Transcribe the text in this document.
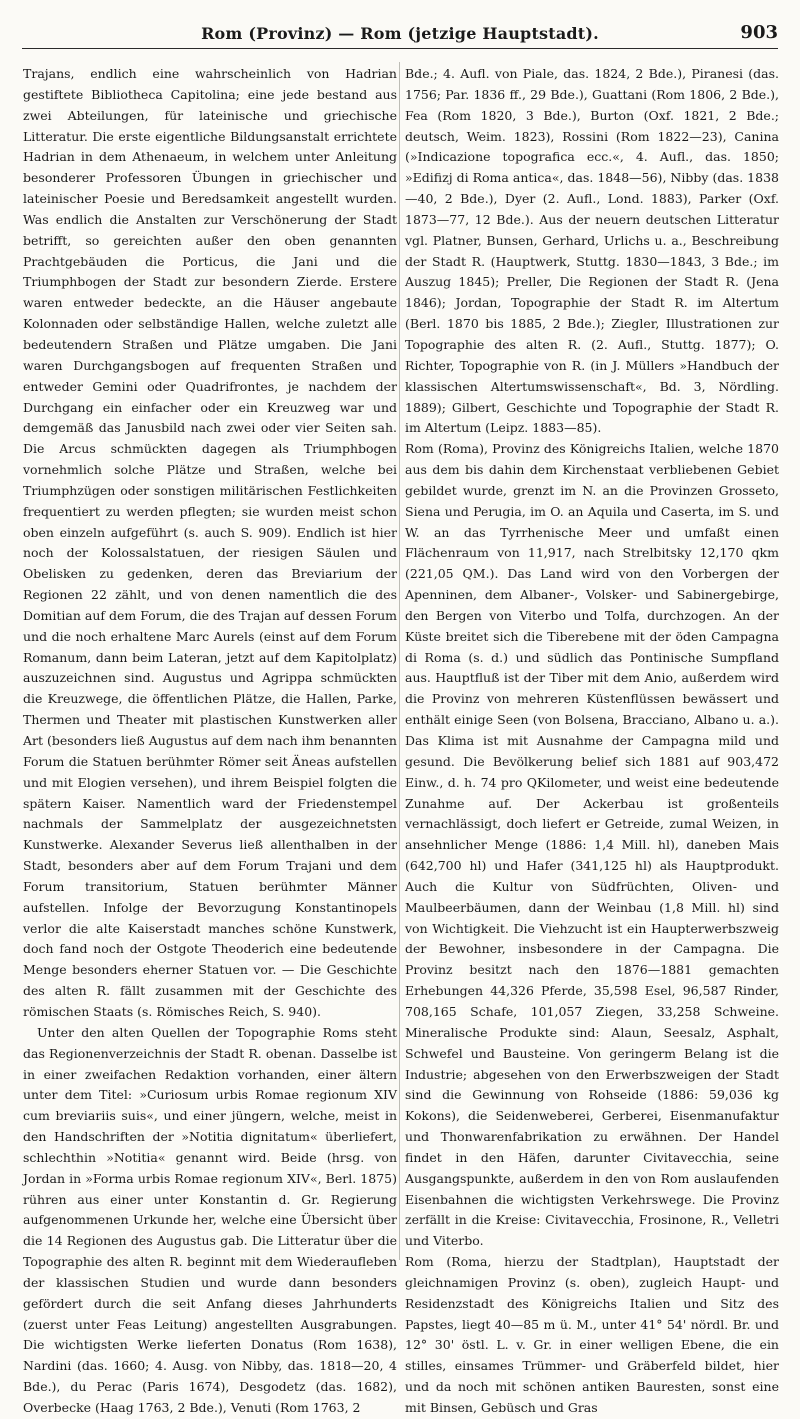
Rom (Provinz) — Rom (jetzige Hauptstadt).	903

Trajans, endlich eine wahrscheinlich von Hadrian gestiftete Bibliotheca Capitolina; eine jede bestand aus zwei Abteilungen, für lateinische und griechische Litteratur. Die erste eigentliche Bildungsanstalt errichtete Hadrian in dem Athenaeum, in welchem unter Anleitung besonderer Professoren Übungen in griechischer und lateinischer Poesie und Beredsamkeit angestellt wurden. Was endlich die Anstalten zur Verschönerung der Stadt betrifft, so gereichten außer den oben genannten Prachtgebäuden die Porticus, die Jani und die Triumphbogen der Stadt zur besondern Zierde. Erstere waren entweder bedeckte, an die Häuser angebaute Kolonnaden oder selbständige Hallen, welche zuletzt alle bedeutendern Straßen und Plätze umgaben. Die Jani waren Durchgangsbogen auf frequenten Straßen und entweder Gemini oder Quadrifrontes, je nachdem der Durchgang ein einfacher oder ein Kreuzweg war und demgemäß das Janusbild nach zwei oder vier Seiten sah. Die Arcus schmückten dagegen als Triumphbogen vornehmlich solche Plätze und Straßen, welche bei Triumphzügen oder sonstigen militärischen Festlichkeiten frequentiert zu werden pflegten; sie wurden meist schon oben einzeln aufgeführt (s. auch S. 909). Endlich ist hier noch der Kolossalstatuen, der riesigen Säulen und Obelisken zu gedenken, deren das Breviarium der Regionen 22 zählt, und von denen namentlich die des Domitian auf dem Forum, die des Trajan auf dessen Forum und die noch erhaltene Marc Aurels (einst auf dem Forum Romanum, dann beim Lateran, jetzt auf dem Kapitolplatz) auszuzeichnen sind. Augustus und Agrippa schmückten die Kreuzwege, die öffentlichen Plätze, die Hallen, Parke, Thermen und Theater mit plastischen Kunstwerken aller Art (besonders ließ Augustus auf dem nach ihm benannten Forum die Statuen berühmter Römer seit Äneas aufstellen und mit Elogien versehen), und ihrem Beispiel folgten die spätern Kaiser. Namentlich ward der Friedenstempel nachmals der Sammelplatz der ausgezeichnetsten Kunstwerke. Alexander Severus ließ allenthalben in der Stadt, besonders aber auf dem Forum Trajani und dem Forum transitorium, Statuen berühmter Männer aufstellen. Infolge der Bevorzugung Konstantinopels verlor die alte Kaiserstadt manches schöne Kunstwerk, doch fand noch der Ostgote Theoderich eine bedeutende Menge besonders eherner Statuen vor. — Die Geschichte des alten R. fällt zusammen mit der Geschichte des römischen Staats (s. Römisches Reich, S. 940).

Unter den alten Quellen der Topographie Roms steht das Regionenverzeichnis der Stadt R. obenan. Dasselbe ist in einer zweifachen Redaktion vorhanden, einer ältern unter dem Titel: »Curiosum urbis Romae regionum XIV cum breviariis suis«, und einer jüngern, welche, meist in den Handschriften der »Notitia dignitatum« überliefert, schlechthin »Notitia« genannt wird. Beide (hrsg. von Jordan in »Forma urbis Romae regionum XIV«, Berl. 1875) rühren aus einer unter Konstantin d. Gr. Regierung aufgenommenen Urkunde her, welche eine Übersicht über die 14 Regionen des Augustus gab. Die Litteratur über die Topographie des alten R. beginnt mit dem Wiederaufleben der klassischen Studien und wurde dann besonders gefördert durch die seit Anfang dieses Jahrhunderts (zuerst unter Feas Leitung) angestellten Ausgrabungen. Die wichtigsten Werke lieferten Donatus (Rom 1638), Nardini (das. 1660; 4. Ausg. von Nibby, das. 1818—20, 4 Bde.), du Perac (Paris 1674), Desgodetz (das. 1682), Overbecke (Haag 1763, 2 Bde.), Venuti (Rom 1763, 2

Bde.; 4. Aufl. von Piale, das. 1824, 2 Bde.), Piranesi (das. 1756; Par. 1836 ff., 29 Bde.), Guattani (Rom 1806, 2 Bde.), Fea (Rom 1820, 3 Bde.), Burton (Oxf. 1821, 2 Bde.; deutsch, Weim. 1823), Rossini (Rom 1822—23), Canina (»Indicazione topografica ecc.«, 4. Aufl., das. 1850; »Edifizj di Roma antica«, das. 1848—56), Nibby (das. 1838—40, 2 Bde.), Dyer (2. Aufl., Lond. 1883), Parker (Oxf. 1873—77, 12 Bde.). Aus der neuern deutschen Litteratur vgl. Platner, Bunsen, Gerhard, Urlichs u. a., Beschreibung der Stadt R. (Hauptwerk, Stuttg. 1830—1843, 3 Bde.; im Auszug 1845); Preller, Die Regionen der Stadt R. (Jena 1846); Jordan, Topographie der Stadt R. im Altertum (Berl. 1870 bis 1885, 2 Bde.); Ziegler, Illustrationen zur Topographie des alten R. (2. Aufl., Stuttg. 1877); O. Richter, Topographie von R. (in J. Müllers »Handbuch der klassischen Altertumswissenschaft«, Bd. 3, Nördling. 1889); Gilbert, Geschichte und Topographie der Stadt R. im Altertum (Leipz. 1883—85).

Rom (Roma), Provinz des Königreichs Italien, welche 1870 aus dem bis dahin dem Kirchenstaat verbliebenen Gebiet gebildet wurde, grenzt im N. an die Provinzen Grosseto, Siena und Perugia, im O. an Aquila und Caserta, im S. und W. an das Tyrrhenische Meer und umfaßt einen Flächenraum von 11,917, nach Strelbitsky 12,170 qkm (221,05 QM.). Das Land wird von den Vorbergen der Apenninen, dem Albaner-, Volsker- und Sabinergebirge, den Bergen von Viterbo und Tolfa, durchzogen. An der Küste breitet sich die Tiberebene mit der öden Campagna di Roma (s. d.) und südlich das Pontinische Sumpfland aus. Hauptfluß ist der Tiber mit dem Anio, außerdem wird die Provinz von mehreren Küstenflüssen bewässert und enthält einige Seen (von Bolsena, Bracciano, Albano u. a.). Das Klima ist mit Ausnahme der Campagna mild und gesund. Die Bevölkerung belief sich 1881 auf 903,472 Einw., d. h. 74 pro QKilometer, und weist eine bedeutende Zunahme auf. Der Ackerbau ist großenteils vernachlässigt, doch liefert er Getreide, zumal Weizen, in ansehnlicher Menge (1886: 1,4 Mill. hl), daneben Mais (642,700 hl) und Hafer (341,125 hl) als Hauptprodukt. Auch die Kultur von Südfrüchten, Oliven- und Maulbeerbäumen, dann der Weinbau (1,8 Mill. hl) sind von Wichtigkeit. Die Viehzucht ist ein Haupterwerbszweig der Bewohner, insbesondere in der Campagna. Die Provinz besitzt nach den 1876—1881 gemachten Erhebungen 44,326 Pferde, 35,598 Esel, 96,587 Rinder, 708,165 Schafe, 101,057 Ziegen, 33,258 Schweine. Mineralische Produkte sind: Alaun, Seesalz, Asphalt, Schwefel und Bausteine. Von geringerm Belang ist die Industrie; abgesehen von den Erwerbszweigen der Stadt sind die Gewinnung von Rohseide (1886: 59,036 kg Kokons), die Seidenweberei, Gerberei, Eisenmanufaktur und Thonwarenfabrikation zu erwähnen. Der Handel findet in den Häfen, darunter Civitavecchia, seine Ausgangspunkte, außerdem in den von Rom auslaufenden Eisenbahnen die wichtigsten Verkehrswege. Die Provinz zerfällt in die Kreise: Civitavecchia, Frosinone, R., Velletri und Viterbo.

Rom (Roma, hierzu der Stadtplan), Hauptstadt der gleichnamigen Provinz (s. oben), zugleich Haupt- und Residenzstadt des Königreichs Italien und Sitz des Papstes, liegt 40—85 m ü. M., unter 41° 54' nördl. Br. und 12° 30' östl. L. v. Gr. in einer welligen Ebene, die ein stilles, einsames Trümmer- und Gräberfeld bildet, hier und da noch mit schönen antiken Bauresten, sonst eine mit Binsen, Gebüsch und Gras
